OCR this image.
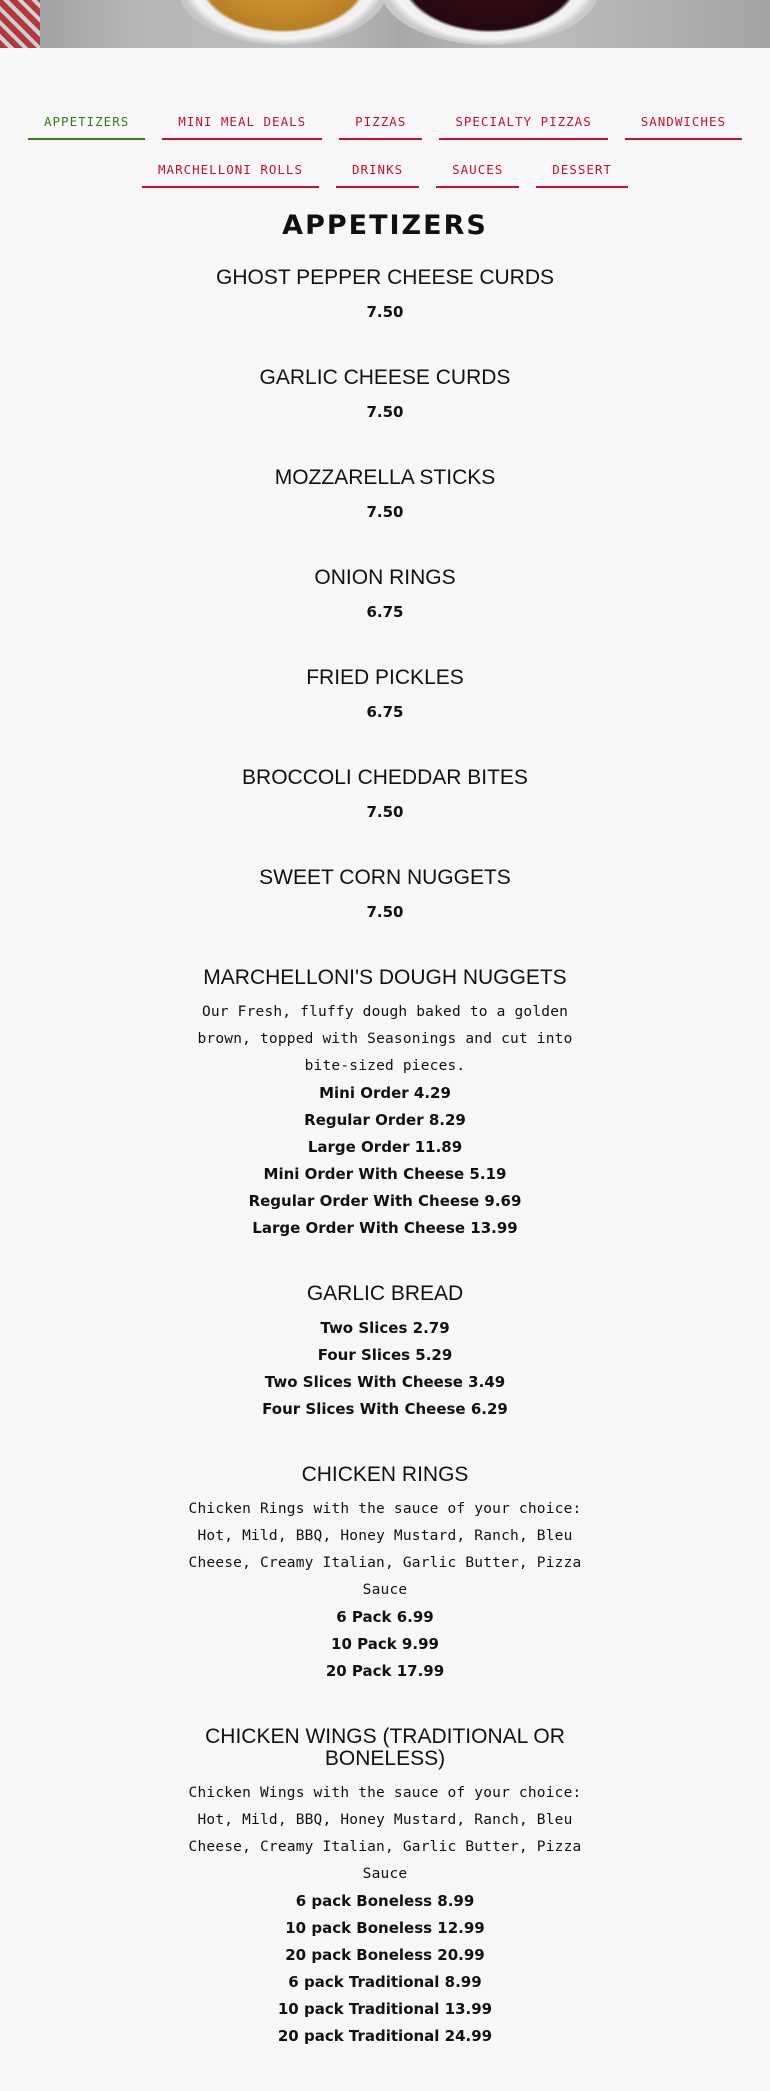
APPETIZERS	MINI MEAL DEALS	PIZZAS	SPECIALTY PIZZAS	SANDWICHES
MARCHELLONI ROLLS	DRINKS	SAUCES	DESSERT
APPETIZERS
GHOST PEPPER CHEESE CURDS
7.50
GARLIC CHEESE CURDS
7.50
MOZZARELLA STICKS
7.50
ONION RINGS
6.75
FRIED PICKLES
6.75
BROCCOLI CHEDDAR BITES
7.50
SWEET CORN NUGGETS
7.50
MARCHELLONI'S DOUGH NUGGETS
Our Fresh, fluffy dough baked to a golden brown, topped with Seasonings and cut into bite-sized pieces.
Mini Order 4.29
Regular Order 8.29
Large Order 11.89
Mini Order With Cheese 5.19
Regular Order With Cheese 9.69
Large Order With Cheese 13.99
GARLIC BREAD
Two Slices 2.79
Four Slices 5.29
Two Slices With Cheese 3.49
Four Slices With Cheese 6.29
CHICKEN RINGS
Chicken Rings with the sauce of your choice: Hot, Mild, BBQ, Honey Mustard, Ranch, Bleu Cheese, Creamy Italian, Garlic Butter, Pizza Sauce
6 Pack 6.99
10 Pack 9.99
20 Pack 17.99
CHICKEN WINGS (TRADITIONAL OR BONELESS)
Chicken Wings with the sauce of your choice: Hot, Mild, BBQ, Honey Mustard, Ranch, Bleu Cheese, Creamy Italian, Garlic Butter, Pizza Sauce
6 pack Boneless 8.99
10 pack Boneless 12.99
20 pack Boneless 20.99
6 pack Traditional 8.99
10 pack Traditional 13.99
20 pack Traditional 24.99
